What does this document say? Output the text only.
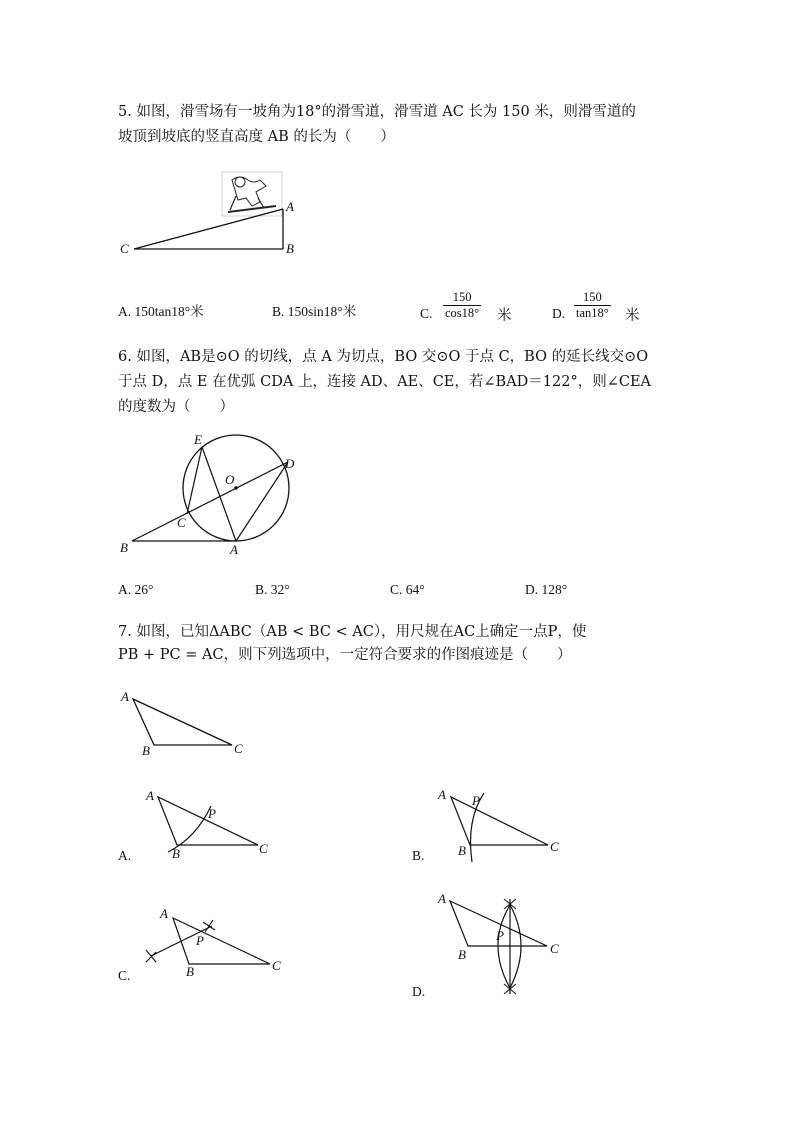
5. 如图，滑雪场有一坡角为18°的滑雪道，滑雪道 AC 长为 150 米，则滑雪道的
坡顶到坡底的竖直高度 AB 的长为（　　）
A
B
C
A. 150tan18°米	B. 150sin18°米	C. $\frac{150}{\cos 18^\circ}$ 米	D. $\frac{150}{\tan 18^\circ}$ 米
6. 如图，AB是⊙O 的切线，点 A 为切点，BO 交⊙O 于点 C，BO 的延长线交⊙O
于点 D，点 E 在优弧 CDA 上，连接 AD、AE、CE，若∠BAD＝122°，则∠CEA
的度数为（　　）
E
O
D
C
B	A
A. 26°	B. 32°	C. 64°	D. 128°
7. 如图，已知ΔABC（AB < BC < AC），用尺规在AC上确定一点P，使
PB + PC = AC，则下列选项中，一定符合要求的作图痕迹是（　　）
A
B	C
A
B	C
P
A
B	C
P
A
B	C
P
A
B	C
P
A.	B.
C.
D.
